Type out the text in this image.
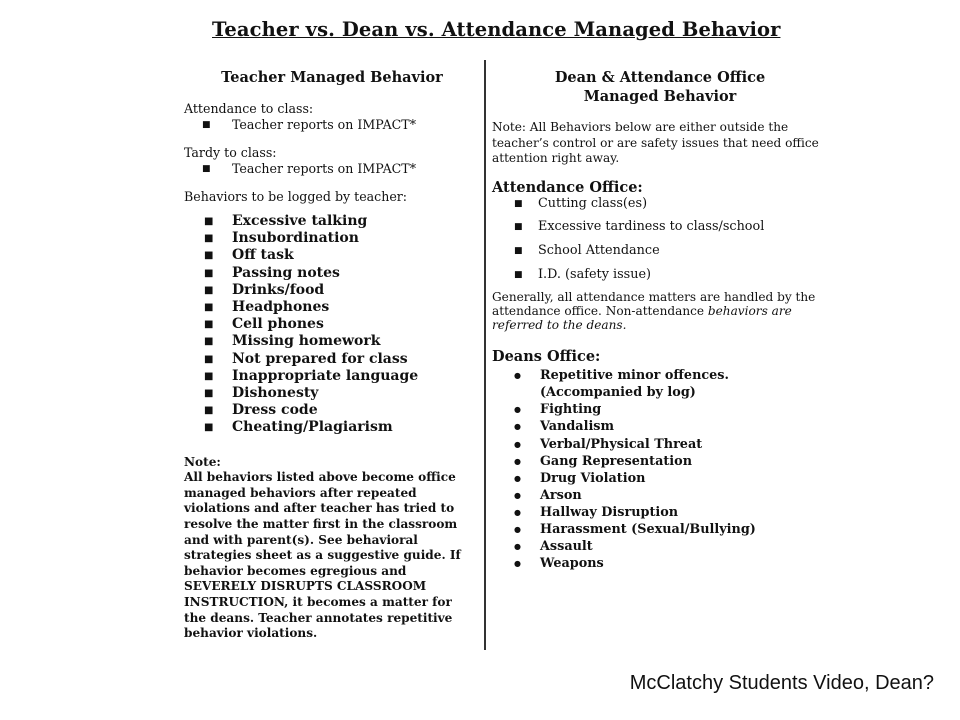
Teacher vs. Dean vs. Attendance Managed Behavior
Teacher Managed Behavior
Attendance to class:
■ Teacher reports on IMPACT*
Tardy to class:
■ Teacher reports on IMPACT*
Behaviors to be logged by teacher:
■ Excessive talking
■ Insubordination
■ Off task
■ Passing notes
■ Drinks/food
■ Headphones
■ Cell phones
■ Missing homework
■ Not prepared for class
■ Inappropriate language
■ Dishonesty
■ Dress code
■ Cheating/Plagiarism
Note:
All behaviors listed above become office managed behaviors after repeated violations and after teacher has tried to resolve the matter first in the classroom and with parent(s). See behavioral strategies sheet as a suggestive guide. If behavior becomes egregious and SEVERELY DISRUPTS CLASSROOM INSTRUCTION, it becomes a matter for the deans. Teacher annotates repetitive behavior violations.
Dean & Attendance Office
Managed Behavior
Note: All Behaviors below are either outside the teacher’s control or are safety issues that need office attention right away.
Attendance Office:
■ Cutting class(es)
■ Excessive tardiness to class/school
■ School Attendance
■ I.D. (safety issue)
Generally, all attendance matters are handled by the attendance office. Non-attendance behaviors are referred to the deans.
Deans Office:
● Repetitive minor offences.
(Accompanied by log)
● Fighting
● Vandalism
● Verbal/Physical Threat
● Gang Representation
● Drug Violation
● Arson
● Hallway Disruption
● Harassment (Sexual/Bullying)
● Assault
● Weapons
McClatchy Students Video, Dean?
